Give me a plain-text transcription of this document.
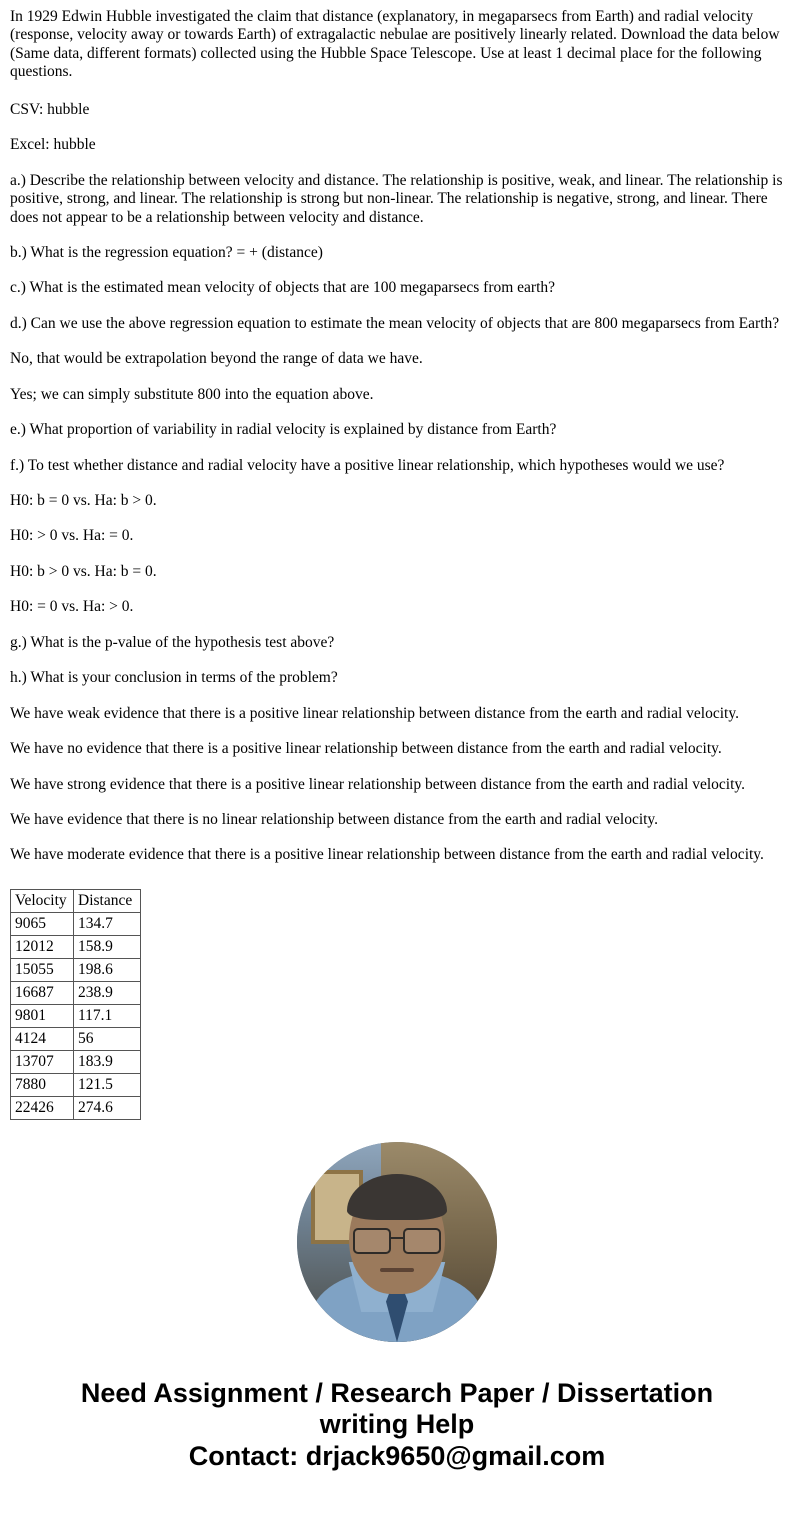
In 1929 Edwin Hubble investigated the claim that distance (explanatory, in megaparsecs from Earth) and radial velocity (response, velocity away or towards Earth) of extragalactic nebulae are positively linearly related. Download the data below (Same data, different formats) collected using the Hubble Space Telescope. Use at least 1 decimal place for the following questions.

CSV: hubble

Excel: hubble

a.) Describe the relationship between velocity and distance. The relationship is positive, weak, and linear. The relationship is positive, strong, and linear. The relationship is strong but non-linear. The relationship is negative, strong, and linear. There does not appear to be a relationship between velocity and distance.

b.) What is the regression equation? = + (distance)

c.) What is the estimated mean velocity of objects that are 100 megaparsecs from earth?

d.) Can we use the above regression equation to estimate the mean velocity of objects that are 800 megaparsecs from Earth?

No, that would be extrapolation beyond the range of data we have.

Yes; we can simply substitute 800 into the equation above.

e.) What proportion of variability in radial velocity is explained by distance from Earth?

f.) To test whether distance and radial velocity have a positive linear relationship, which hypotheses would we use?

H0: b = 0 vs. Ha: b > 0.

H0: > 0 vs. Ha: = 0.

H0: b > 0 vs. Ha: b = 0.

H0: = 0 vs. Ha: > 0.

g.) What is the p-value of the hypothesis test above?

h.) What is your conclusion in terms of the problem?

We have weak evidence that there is a positive linear relationship between distance from the earth and radial velocity.

We have no evidence that there is a positive linear relationship between distance from the earth and radial velocity.

We have strong evidence that there is a positive linear relationship between distance from the earth and radial velocity.

We have evidence that there is no linear relationship between distance from the earth and radial velocity.

We have moderate evidence that there is a positive linear relationship between distance from the earth and radial velocity.

Velocity	Distance
9065	134.7
12012	158.9
15055	198.6
16687	238.9
9801	117.1
4124	56
13707	183.9
7880	121.5
22426	274.6
Need Assignment / Research Paper / Dissertation
writing Help
Contact: drjack9650@gmail.com
